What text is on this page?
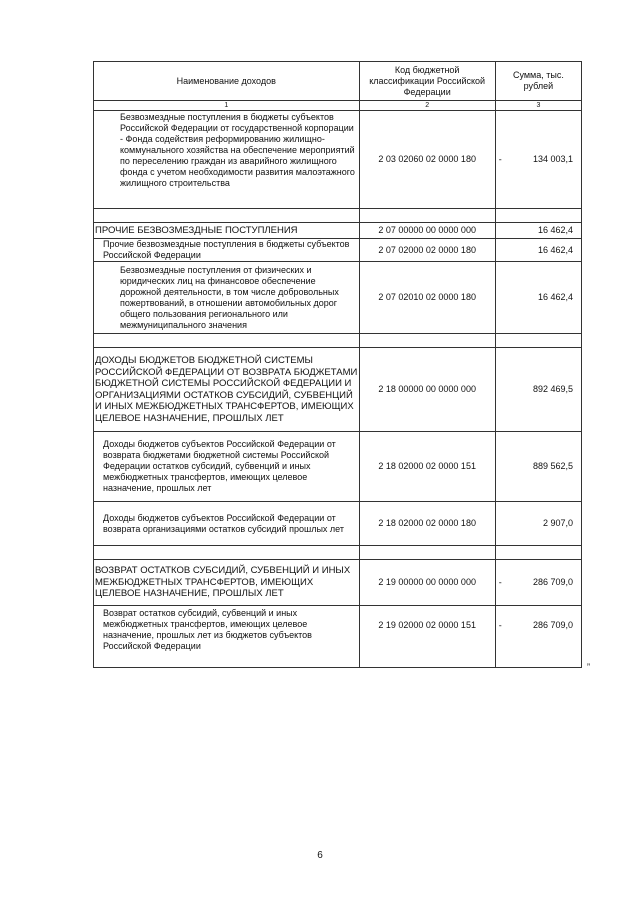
Наименование доходов	Код бюджетной классификации Российской Федерации	Сумма, тыс. рублей
1	2	3
Безвозмездные поступления в бюджеты субъектов Российской Федерации от государственной корпорации - Фонда содействия реформированию жилищно-коммунального хозяйства на обеспечение мероприятий по переселению граждан из аварийного жилищного фонда с учетом необходимости развития малоэтажного жилищного строительства	2 03 02060 02 0000 180	- 134 003,1

ПРОЧИЕ БЕЗВОЗМЕЗДНЫЕ ПОСТУПЛЕНИЯ	2 07 00000 00 0000 000	16 462,4
Прочие безвозмездные поступления в бюджеты субъектов Российской Федерации	2 07 02000 02 0000 180	16 462,4
Безвозмездные поступления от физических и юридических лиц на финансовое обеспечение дорожной деятельности, в том числе добровольных пожертвований, в отношении автомобильных дорог общего пользования регионального или межмуниципального значения	2 07 02010 02 0000 180	16 462,4

ДОХОДЫ БЮДЖЕТОВ БЮДЖЕТНОЙ СИСТЕМЫ РОССИЙСКОЙ ФЕДЕРАЦИИ ОТ ВОЗВРАТА БЮДЖЕТАМИ БЮДЖЕТНОЙ СИСТЕМЫ РОССИЙСКОЙ ФЕДЕРАЦИИ И ОРГАНИЗАЦИЯМИ ОСТАТКОВ СУБСИДИЙ, СУБВЕНЦИЙ И ИНЫХ МЕЖБЮДЖЕТНЫХ ТРАНСФЕРТОВ, ИМЕЮЩИХ ЦЕЛЕВОЕ НАЗНАЧЕНИЕ, ПРОШЛЫХ ЛЕТ	2 18 00000 00 0000 000	892 469,5
Доходы бюджетов субъектов Российской Федерации от возврата бюджетами бюджетной системы Российской Федерации остатков субсидий, субвенций и иных межбюджетных трансфертов, имеющих целевое назначение, прошлых лет	2 18 02000 02 0000 151	889 562,5
Доходы бюджетов субъектов Российской Федерации от возврата организациями остатков субсидий прошлых лет	2 18 02000 02 0000 180	2 907,0

ВОЗВРАТ ОСТАТКОВ СУБСИДИЙ, СУБВЕНЦИЙ И ИНЫХ МЕЖБЮДЖЕТНЫХ ТРАНСФЕРТОВ, ИМЕЮЩИХ ЦЕЛЕВОЕ НАЗНАЧЕНИЕ, ПРОШЛЫХ ЛЕТ	2 19 00000 00 0000 000	- 286 709,0
Возврат остатков субсидий, субвенций и иных межбюджетных трансфертов, имеющих целевое назначение, прошлых лет из бюджетов субъектов Российской Федерации	2 19 02000 02 0000 151	- 286 709,0
”
6
